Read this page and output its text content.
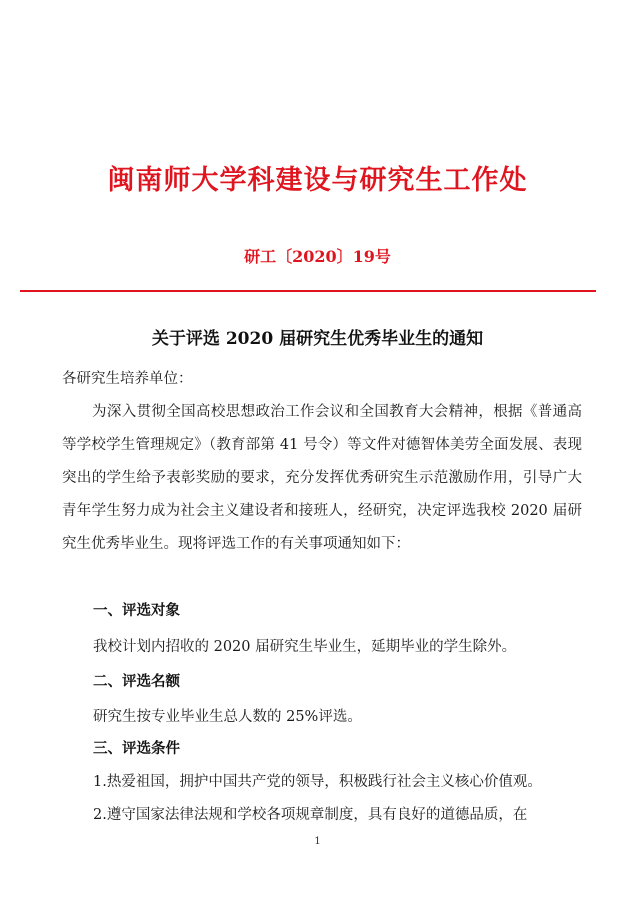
闽南师大学科建设与研究生工作处
研工〔2020〕19号
关于评选 2020 届研究生优秀毕业生的通知
各研究生培养单位：
为深入贯彻全国高校思想政治工作会议和全国教育大会精神，根据《普通高等学校学生管理规定》（教育部第 41 号令）等文件对德智体美劳全面发展、表现突出的学生给予表彰奖励的要求，充分发挥优秀研究生示范激励作用，引导广大青年学生努力成为社会主义建设者和接班人，经研究，决定评选我校 2020 届研究生优秀毕业生。现将评选工作的有关事项通知如下：
一、评选对象
我校计划内招收的 2020 届研究生毕业生，延期毕业的学生除外。
二、评选名额
研究生按专业毕业生总人数的 25%评选。
三、评选条件
1.热爱祖国，拥护中国共产党的领导，积极践行社会主义核心价值观。
2.遵守国家法律法规和学校各项规章制度，具有良好的道德品质，在
1
